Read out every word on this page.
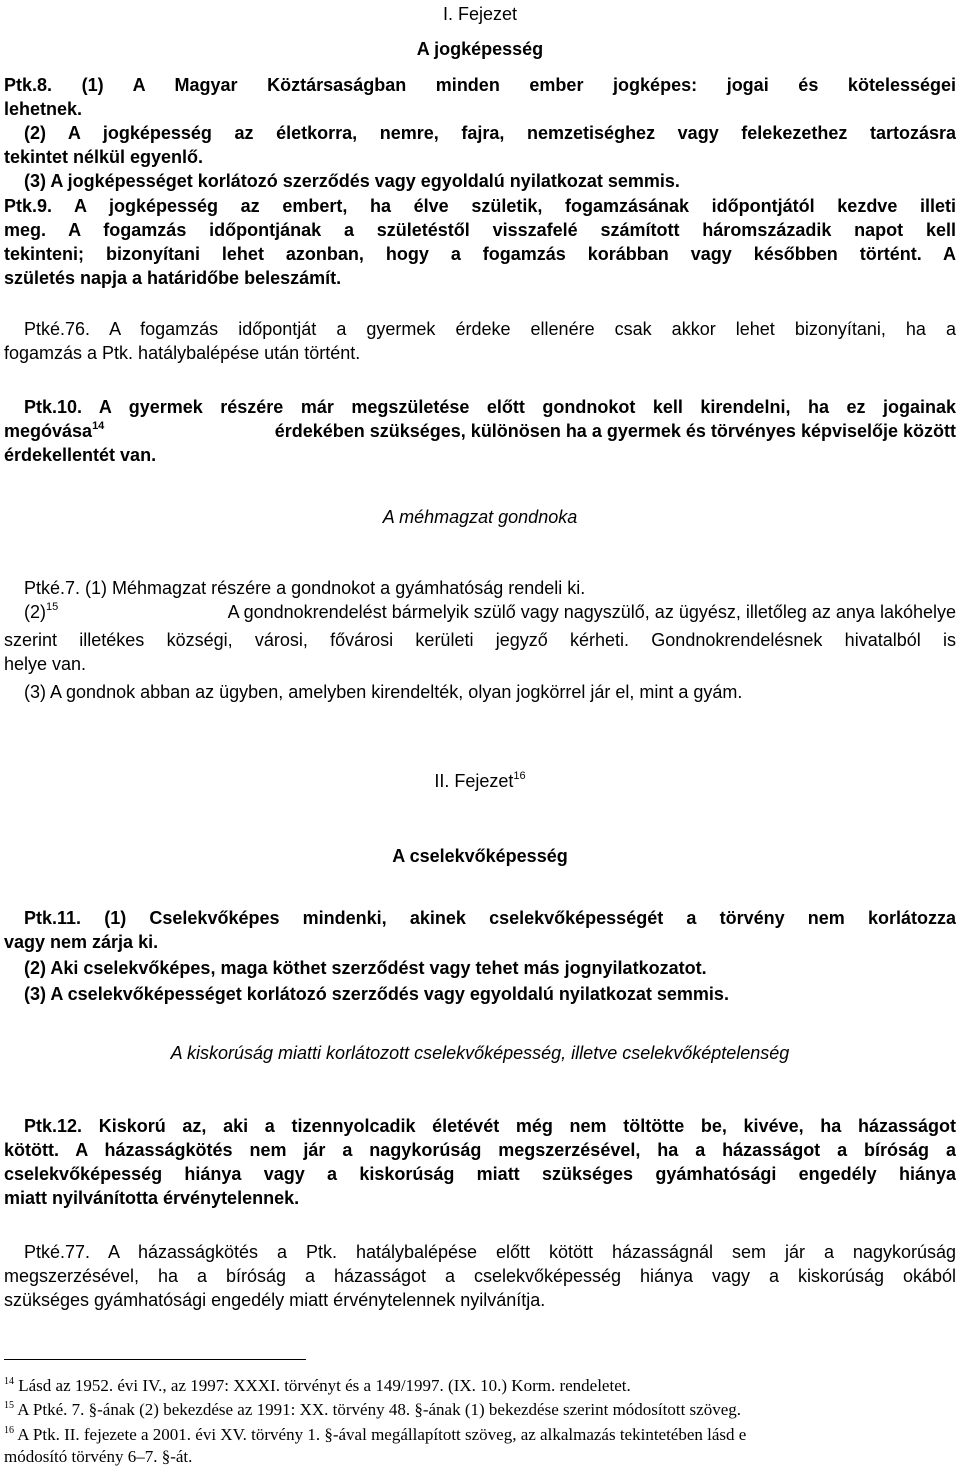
I. Fejezet
A jogképesség
Ptk.8. (1) A Magyar Köztársaságban minden ember jogképes: jogai és kötelességei
lehetnek.
(2) A jogképesség az életkorra, nemre, fajra, nemzetiséghez vagy felekezethez tartozásra
tekintet nélkül egyenlő.
(3) A jogképességet korlátozó szerződés vagy egyoldalú nyilatkozat semmis.
Ptk.9. A jogképesség az embert, ha élve születik, fogamzásának időpontjától kezdve illeti
meg. A fogamzás időpontjának a születéstől visszafelé számított háromszázadik napot kell
tekinteni; bizonyítani lehet azonban, hogy a fogamzás korábban vagy későbben történt. A
születés napja a határidőbe beleszámít.
Ptké.76. A fogamzás időpontját a gyermek érdeke ellenére csak akkor lehet bizonyítani, ha a
fogamzás a Ptk. hatálybalépése után történt.
Ptk.10. A gyermek részére már megszületése előtt gondnokot kell kirendelni, ha ez jogainak
megóvása$^{14}$	érdekében szükséges, különösen ha a gyermek és törvényes képviselője között
érdekellentét van.
A méhmagzat gondnoka
Ptké.7. (1) Méhmagzat részére a gondnokot a gyámhatóság rendeli ki.
$(2)^{15}$	A gondnokrendelést bármelyik szülő vagy nagyszülő, az ügyész, illetőleg az anya lakóhelye
szerint illetékes községi, városi, fővárosi kerületi jegyző kérheti. Gondnokrendelésnek hivatalból is
helye van.
(3) A gondnok abban az ügyben, amelyben kirendelték, olyan jogkörrel jár el, mint a gyám.
II. Fejezet$^{16}$
A cselekvőképesség
Ptk.11. (1) Cselekvőképes mindenki, akinek cselekvőképességét a törvény nem korlátozza
vagy nem zárja ki.
(2) Aki cselekvőképes, maga köthet szerződést vagy tehet más jognyilatkozatot.
(3) A cselekvőképességet korlátozó szerződés vagy egyoldalú nyilatkozat semmis.
A kiskorúság miatti korlátozott cselekvőképesség, illetve cselekvőképtelenség
Ptk.12. Kiskorú az, aki a tizennyolcadik életévét még nem töltötte be, kivéve, ha házasságot
kötött. A házasságkötés nem jár a nagykorúság megszerzésével, ha a házasságot a bíróság a
cselekvőképesség hiánya vagy a kiskorúság miatt szükséges gyámhatósági engedély hiánya
miatt nyilvánította érvénytelennek.
Ptké.77. A házasságkötés a Ptk. hatálybalépése előtt kötött házasságnál sem jár a nagykorúság
megszerzésével, ha a bíróság a házasságot a cselekvőképesség hiánya vagy a kiskorúság okából
szükséges gyámhatósági engedély miatt érvénytelennek nyilvánítja.
$^{14}$ Lásd az 1952. évi IV., az 1997: XXXI. törvényt és a 149/1997. (IX. 10.) Korm. rendeletet.
$^{15}$ A Ptké. 7. §-ának (2) bekezdése az 1991: XX. törvény 48. §-ának (1) bekezdése szerint módosított szöveg.
$^{16}$ A Ptk. II. fejezete a 2001. évi XV. törvény 1. §-ával megállapított szöveg, az alkalmazás tekintetében lásd e
módosító törvény 6–7. §-át.
